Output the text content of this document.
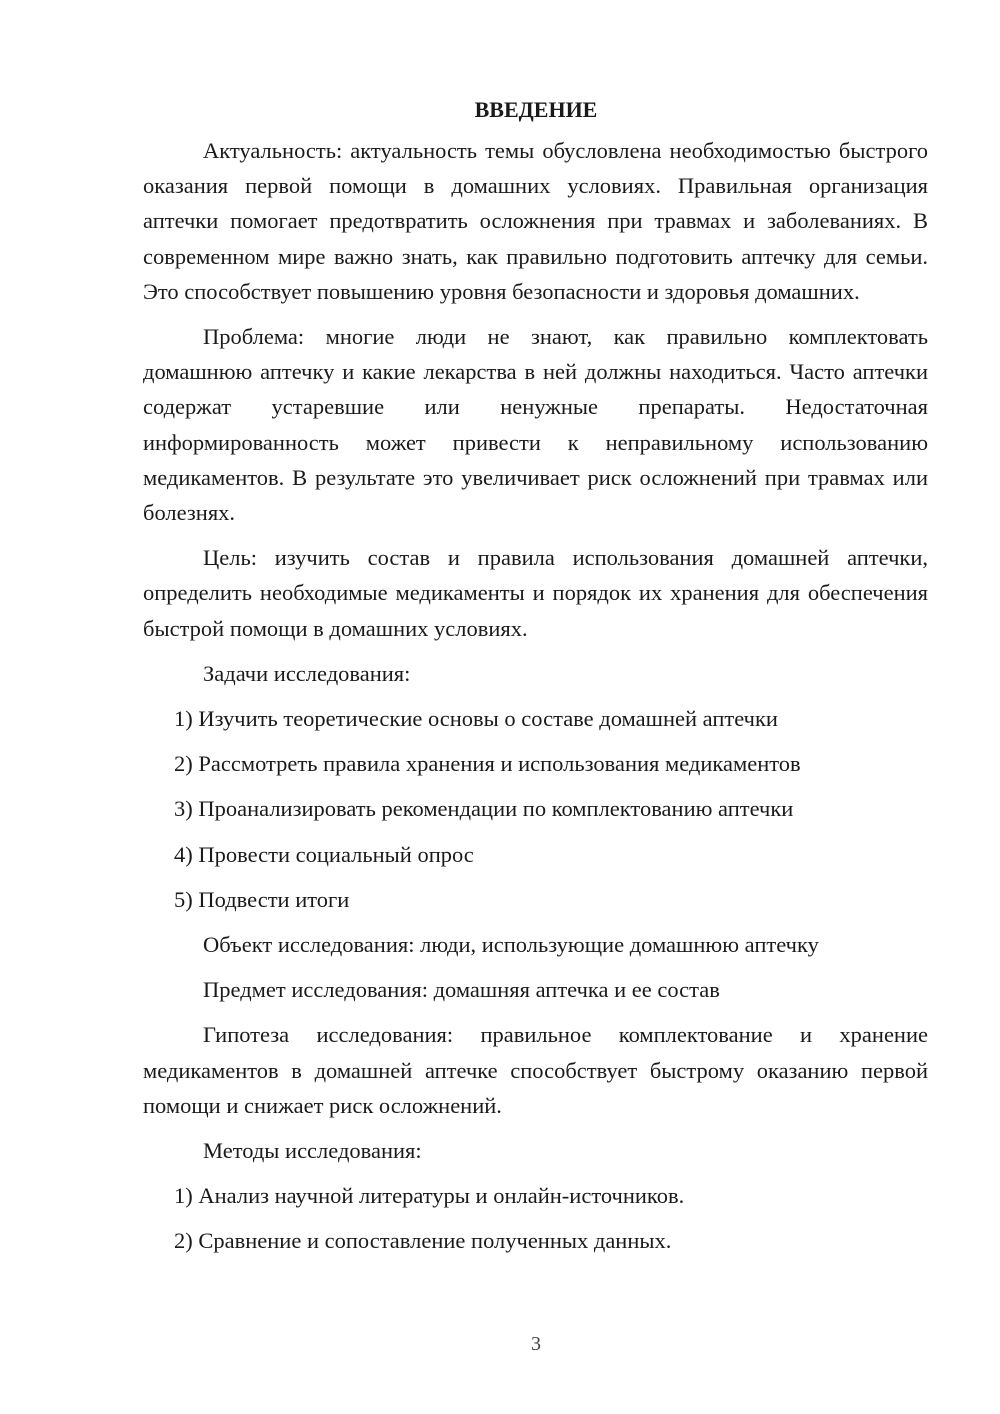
ВВЕДЕНИЕ

Актуальность: актуальность темы обусловлена необходимостью быстрого оказания первой помощи в домашних условиях. Правильная организация аптечки помогает предотвратить осложнения при травмах и заболеваниях. В современном мире важно знать, как правильно подготовить аптечку для семьи. Это способствует повышению уровня безопасности и здоровья домашних.

Проблема: многие люди не знают, как правильно комплектовать домашнюю аптечку и какие лекарства в ней должны находиться. Часто аптечки содержат устаревшие или ненужные препараты. Недостаточная информированность может привести к неправильному использованию медикаментов. В результате это увеличивает риск осложнений при травмах или болезнях.

Цель: изучить состав и правила использования домашней аптечки, определить необходимые медикаменты и порядок их хранения для обеспечения быстрой помощи в домашних условиях.

Задачи исследования:

1) Изучить теоретические основы о составе домашней аптечки

2) Рассмотреть правила хранения и использования медикаментов

3) Проанализировать рекомендации по комплектованию аптечки

4) Провести социальный опрос

5) Подвести итоги

Объект исследования: люди, использующие домашнюю аптечку

Предмет исследования: домашняя аптечка и ее состав

Гипотеза исследования: правильное комплектование и хранение медикаментов в домашней аптечке способствует быстрому оказанию первой помощи и снижает риск осложнений.

Методы исследования:

1) Анализ научной литературы и онлайн-источников.

2) Сравнение и сопоставление полученных данных.

3
